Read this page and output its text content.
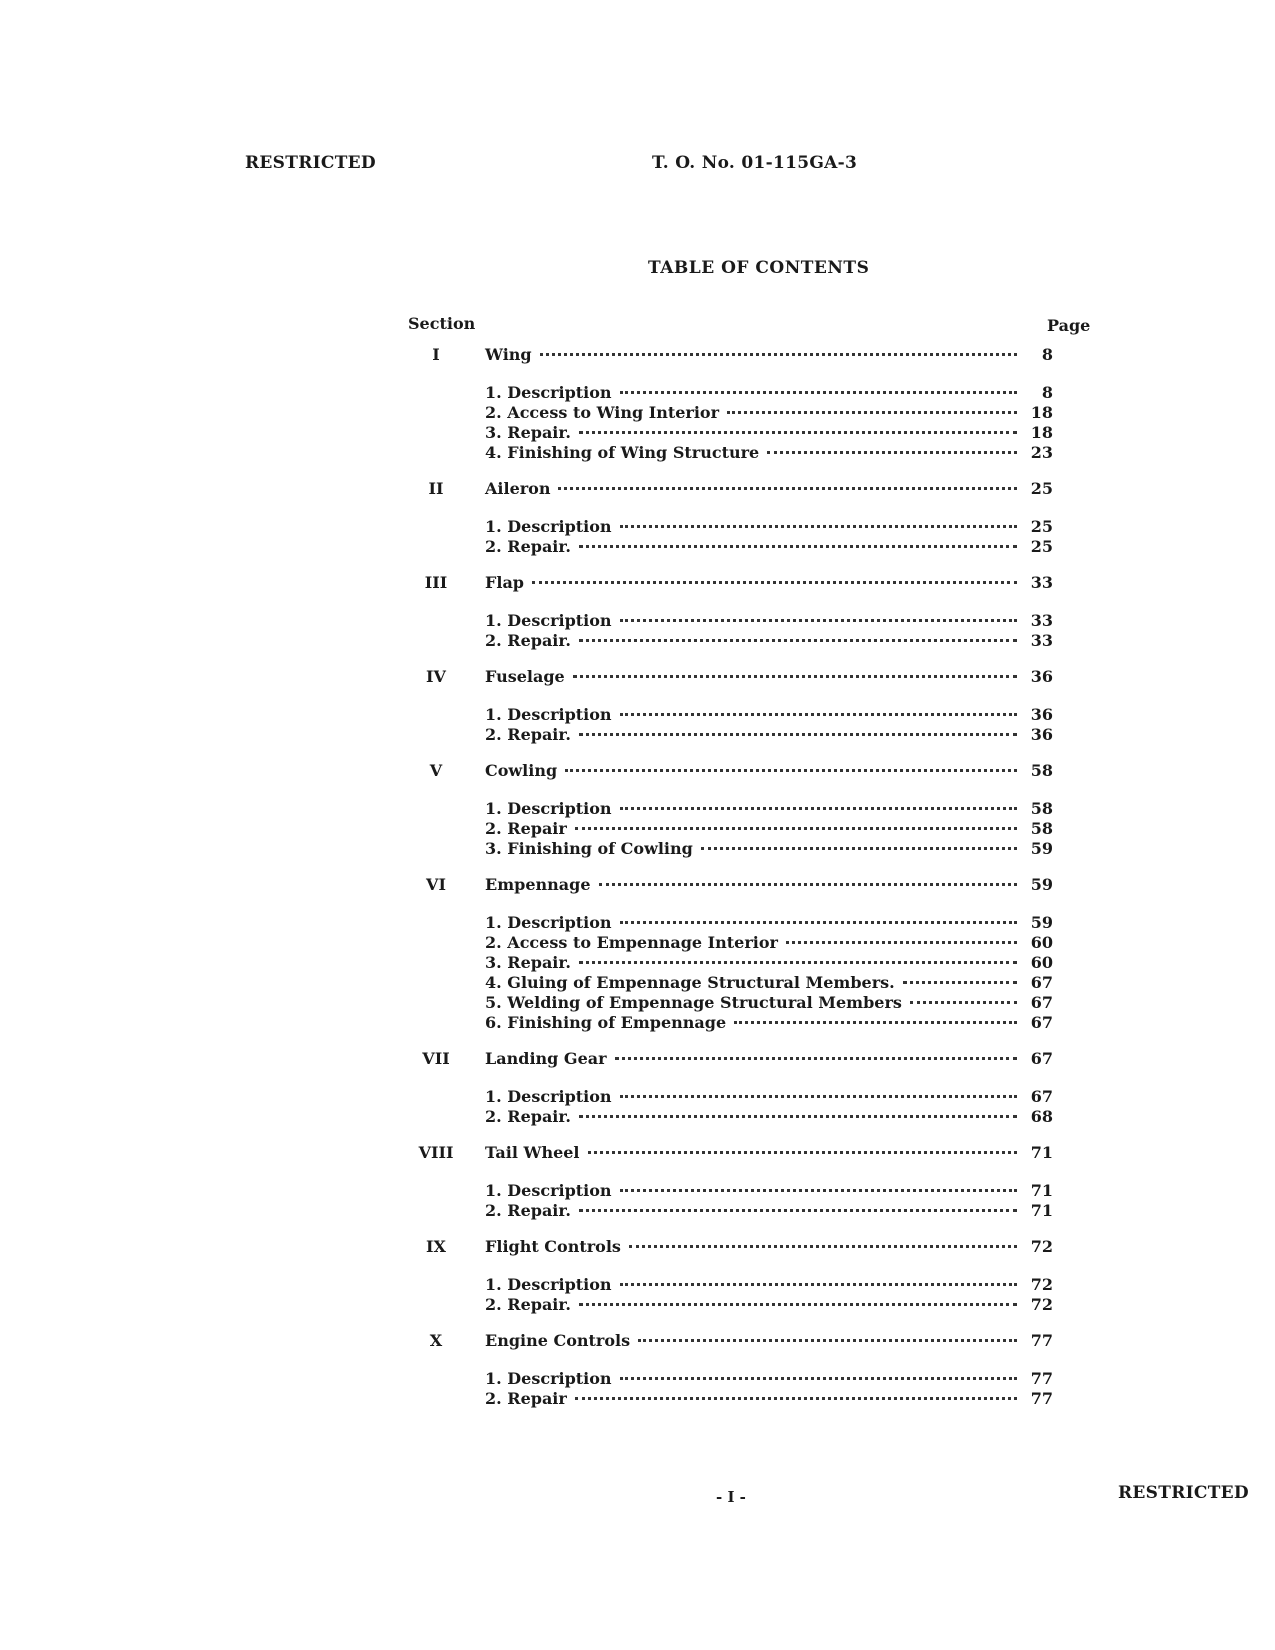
RESTRICTED	T. O. No. 01-115GA-3
TABLE OF CONTENTS
Section	Page
I	Wing	8
1. Description	8
2. Access to Wing Interior	18
3. Repair.	18
4. Finishing of Wing Structure	23
II	Aileron	25
1. Description	25
2. Repair.	25
III	Flap	33
1. Description	33
2. Repair.	33
IV	Fuselage	36
1. Description	36
2. Repair.	36
V	Cowling	58
1. Description	58
2. Repair	58
3. Finishing of Cowling	59
VI	Empennage	59
1. Description	59
2. Access to Empennage Interior	60
3. Repair.	60
4. Gluing of Empennage Structural Members.	67
5. Welding of Empennage Structural Members	67
6. Finishing of Empennage	67
VII	Landing Gear	67
1. Description	67
2. Repair.	68
VIII	Tail Wheel	71
1. Description	71
2. Repair.	71
IX	Flight Controls	72
1. Description	72
2. Repair.	72
X	Engine Controls	77
1. Description	77
2. Repair	77
- I -	RESTRICTED
